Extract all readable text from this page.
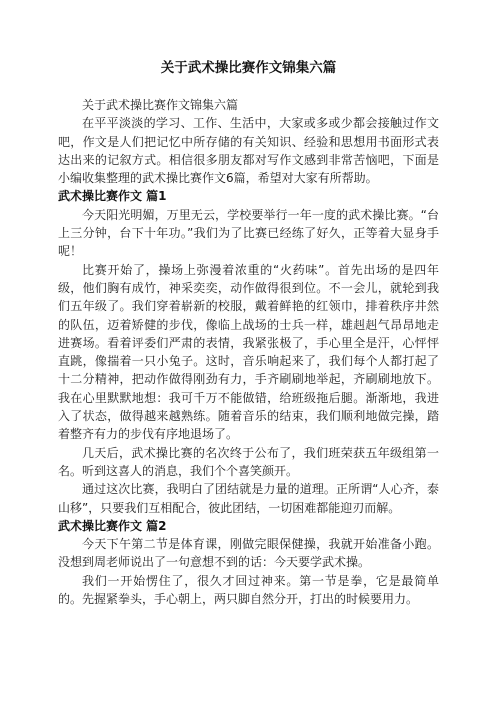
关于武术操比赛作文锦集六篇

关于武术操比赛作文锦集六篇

在平平淡淡的学习、工作、生活中，大家或多或少都会接触过作文吧，作文是人们把记忆中所存储的有关知识、经验和思想用书面形式表达出来的记叙方式。相信很多朋友都对写作文感到非常苦恼吧，下面是小编收集整理的武术操比赛作文6篇，希望对大家有所帮助。

武术操比赛作文 篇1

今天阳光明媚，万里无云，学校要举行一年一度的武术操比赛。“台上三分钟，台下十年功。”我们为了比赛已经练了好久，正等着大显身手呢！

比赛开始了，操场上弥漫着浓重的“火药味”。首先出场的是四年级，他们胸有成竹，神采奕奕，动作做得很到位。不一会儿，就轮到我们五年级了。我们穿着崭新的校服，戴着鲜艳的红领巾，排着秩序井然的队伍，迈着矫健的步伐，像临上战场的士兵一样，雄赳赳气昂昂地走进赛场。看着评委们严肃的表情，我紧张极了，手心里全是汗，心怦怦直跳，像揣着一只小兔子。这时，音乐响起来了，我们每个人都打起了十二分精神，把动作做得刚劲有力，手齐刷刷地举起，齐刷刷地放下。我在心里默默地想：我可千万不能做错，给班级拖后腿。渐渐地，我进入了状态，做得越来越熟练。随着音乐的结束，我们顺利地做完操，踏着整齐有力的步伐有序地退场了。

几天后，武术操比赛的名次终于公布了，我们班荣获五年级组第一名。听到这喜人的消息，我们个个喜笑颜开。

通过这次比赛，我明白了团结就是力量的道理。正所谓“人心齐，泰山移”，只要我们互相配合，彼此团结，一切困难都能迎刃而解。

武术操比赛作文 篇2

今天下午第二节是体育课，刚做完眼保健操，我就开始准备小跑。没想到周老师说出了一句意想不到的话：今天要学武术操。

我们一开始愣住了，很久才回过神来。第一节是拳，它是最简单的。先握紧拳头，手心朝上，两只脚自然分开，打出的时候要用力。
